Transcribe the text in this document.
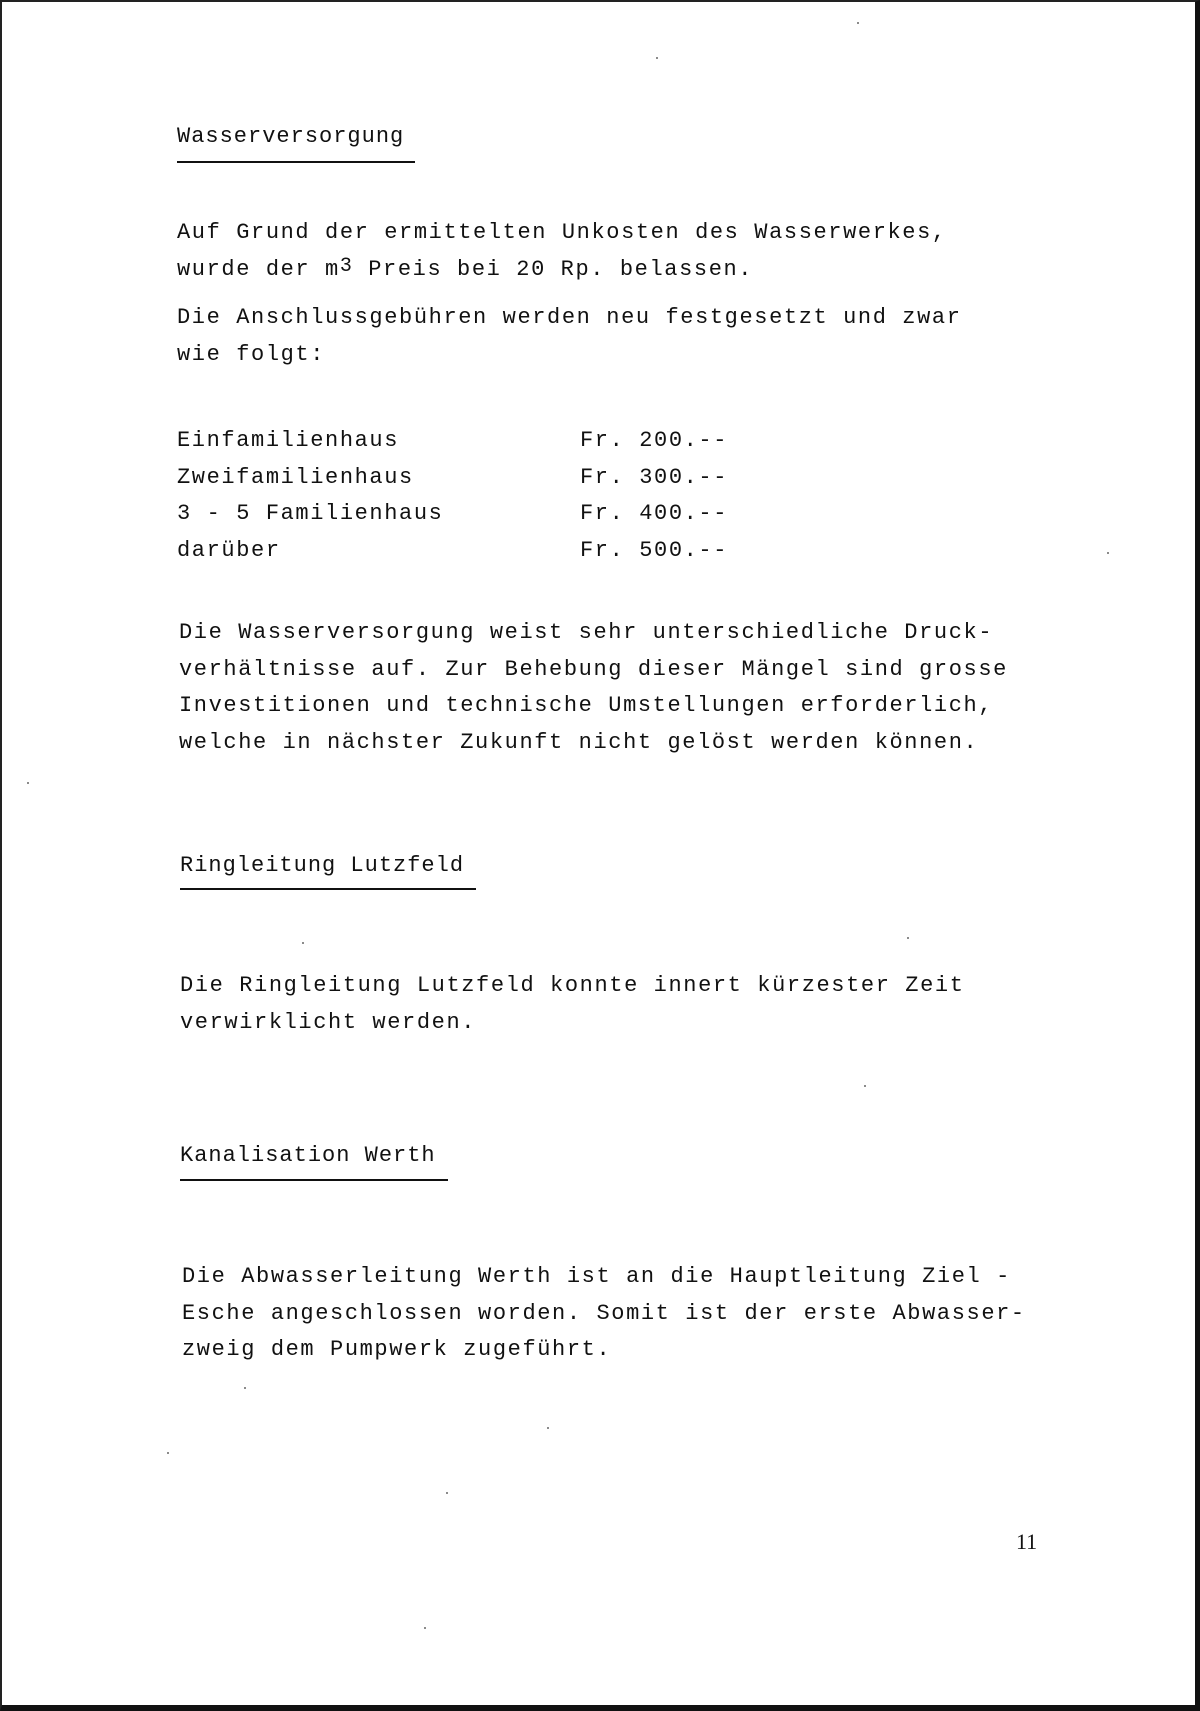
Wasserversorgung

Auf Grund der ermittelten Unkosten des Wasserwerkes,
wurde der $m^3$ Preis bei 20 Rp. belassen.

Die Anschlussgebühren werden neu festgesetzt und zwar
wie folgt:

Einfamilienhaus	Fr. 200.--
Zweifamilienhaus	Fr. 300.--
3 - 5 Familienhaus	Fr. 400.--
darüber	Fr. 500.--

Die Wasserversorgung weist sehr unterschiedliche Druck-
verhältnisse auf. Zur Behebung dieser Mängel sind grosse
Investitionen und technische Umstellungen erforderlich,
welche in nächster Zukunft nicht gelöst werden können.

Ringleitung Lutzfeld

Die Ringleitung Lutzfeld konnte innert kürzester Zeit
verwirklicht werden.

Kanalisation Werth

Die Abwasserleitung Werth ist an die Hauptleitung Ziel -
Esche angeschlossen worden. Somit ist der erste Abwasser-
zweig dem Pumpwerk zugeführt.

11
